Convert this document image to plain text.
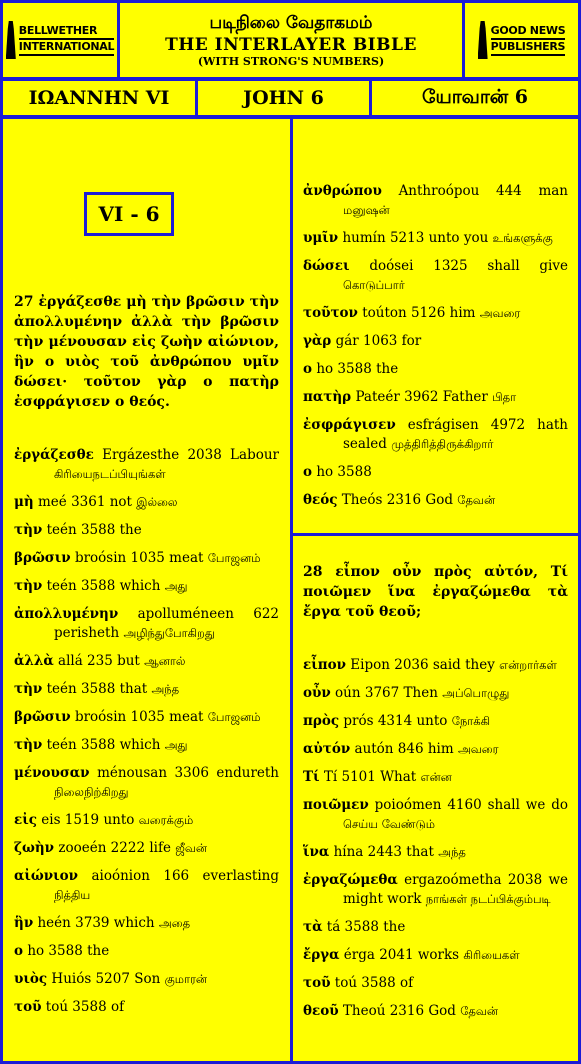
BELLWETHER
INTERNATIONAL
படிநிலை வேதாகமம்
THE INTERLAYER BIBLE
(WITH STRONG'S NUMBERS)
GOOD NEWS
PUBLISHERS
ΙΩΑΝΝΗΝ VI	JOHN 6	யோவான் 6
VI - 6
27 ἐργάζεσθε μὴ τὴν βρῶσιν τὴν ἀπολλυμένην ἀλλὰ τὴν βρῶσιν τὴν μένουσαν εἰς ζωὴν αἰώνιον, ἣν ο υιὸς τοῦ ἀνθρώπου υμῖν δώσει· τοῦτον γὰρ ο πατὴρ ἐσφράγισεν ο θεός.
ἐργάζεσθε Ergázesthe 2038 Labour கிரியைநடப்பியுங்கள்
μὴ meé 3361 not இல்லை
τὴν teén 3588 the
βρῶσιν broósin 1035 meat போஜனம்
τὴν teén 3588 which அது
ἀπολλυμένην apolluméneen 622 perisheth அழிந்துபோகிறது
ἀλλὰ allá 235 but ஆனால்
τὴν teén 3588 that அந்த
βρῶσιν broósin 1035 meat போஜனம்
τὴν teén 3588 which அது
μένουσαν ménousan 3306 endureth நிலைநிற்கிறது
εἰς eis 1519 unto வரைக்கும்
ζωὴν zooeén 2222 life ஜீவன்
αἰώνιον aioónion 166 everlasting நித்திய
ἣν heén 3739 which அதை
ο ho 3588 the
υιὸς Huiós 5207 Son குமாரன்
τοῦ toú 3588 of
ἀνθρώπου Anthroópou 444 man மனுஷன்
υμῖν humín 5213 unto you உங்களுக்கு
δώσει doósei 1325 shall give கொடுப்பார்
τοῦτον toúton 5126 him அவரை
γὰρ gár 1063 for
ο ho 3588 the
πατὴρ Pateér 3962 Father பிதா
ἐσφράγισεν esfrágisen 4972 hath sealed முத்திரித்திருக்கிறார்
ο ho 3588
θεός Theós 2316 God தேவன்
28 εἶπον οὖν πρὸς αὐτόν, Τί ποιῶμεν ἵνα ἐργαζώμεθα τὰ ἔργα τοῦ θεοῦ;
εἶπον Eipon 2036 said they என்றார்கள்
οὖν oún 3767 Then அப்பொழுது
πρὸς prós 4314 unto நோக்கி
αὐτόν autón 846 him அவரை
Τί Tí 5101 What என்ன
ποιῶμεν poioómen 4160 shall we do செய்ய வேண்டும்
ἵνα hína 2443 that அந்த
ἐργαζώμεθα ergazoómetha 2038 we might work நாங்கள் நடப்பிக்கும்படி
τὰ tá 3588 the
ἔργα érga 2041 works கிரியைகள்
τοῦ toú 3588 of
θεοῦ Theoú 2316 God தேவன்
